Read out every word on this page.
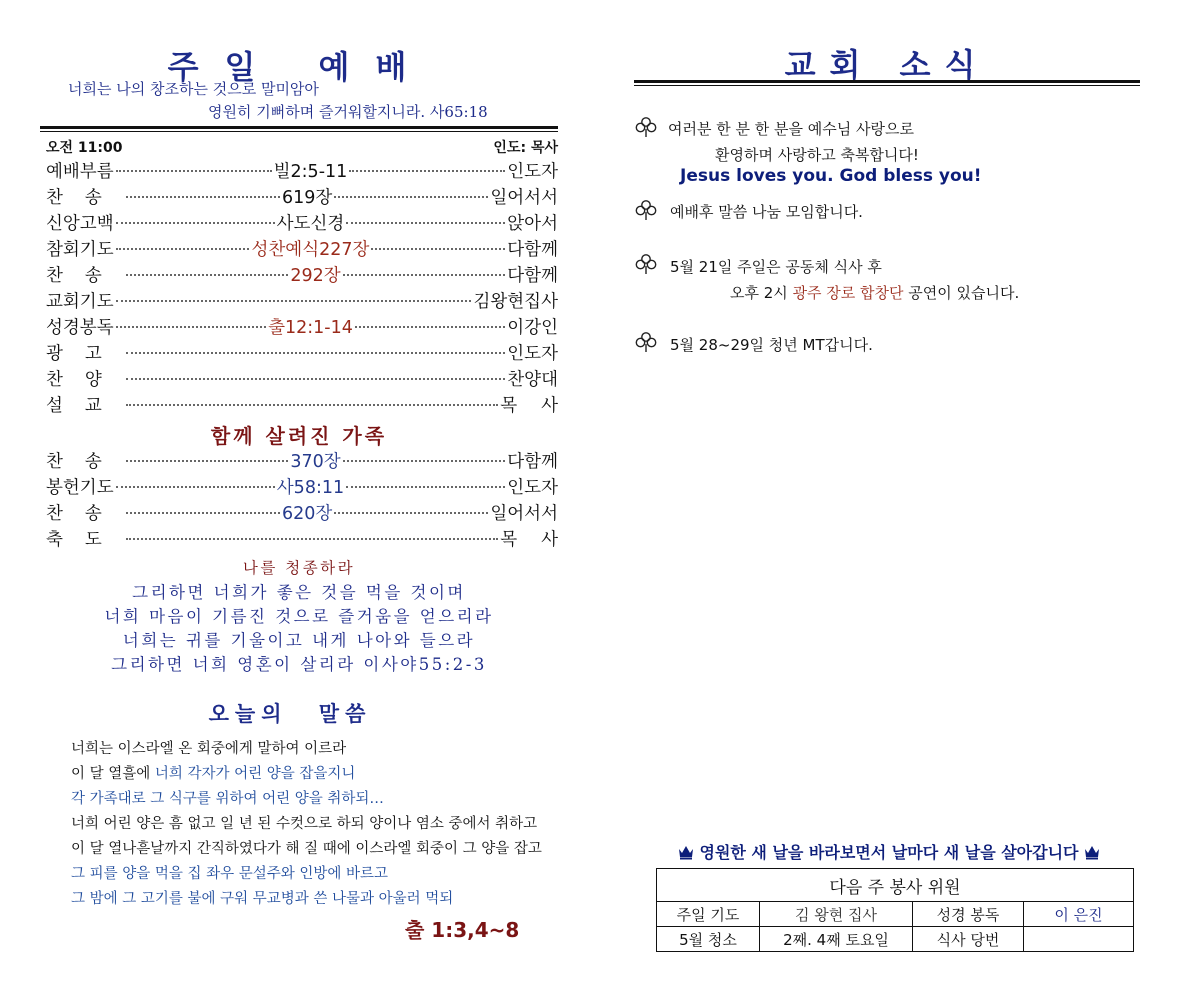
주일 예배
너희는 나의 창조하는 것으로 말미암아
영원히 기뻐하며 즐거워할지니라. 사65:18
오전 11:00	인도: 목사
예배부름	빌2:5-11	인도자
찬송	619장	일어서서
신앙고백	사도신경	앉아서
참회기도	성찬예식227장	다함께
찬송	292장	다함께
교회기도	김왕현집사
성경봉독	출12:1-14	이강인
광고	인도자
찬양	찬양대
설교	목사
함께 살려진 가족
찬송	370장	다함께
봉헌기도	사58:11	인도자
찬송	620장	일어서서
축도	목사
나를 청종하라
그리하면 너희가 좋은 것을 먹을 것이며
너희 마음이 기름진 것으로 즐거움을 얻으리라
너희는 귀를 기울이고 내게 나아와 들으라
그리하면 너희 영혼이 살리라 이사야55:2-3
오늘의 말씀
너희는 이스라엘 온 회중에게 말하여 이르라
이 달 열흘에 너희 각자가 어린 양을 잡을지니
각 가족대로 그 식구를 위하여 어린 양을 취하되…
너희 어린 양은 흠 없고 일 년 된 수컷으로 하되 양이나 염소 중에서 취하고
이 달 열나흗날까지 간직하였다가 해 질 때에 이스라엘 회중이 그 양을 잡고
그 피를 양을 먹을 집 좌우 문설주와 인방에 바르고
그 밤에 그 고기를 불에 구워 무교병과 쓴 나물과 아울러 먹되
출 1:3,4~8
교회 소식
여러분 한 분 한 분을 예수님 사랑으로
환영하며 사랑하고 축복합니다!
Jesus loves you. God bless you!
예배후 말씀 나눔 모임합니다.
5월 21일 주일은 공동체 식사 후
오후 2시 광주 장로 합창단 공연이 있습니다.
5월 28~29일 청년 MT갑니다.
영원한 새 날을 바라보면서 날마다 새 날을 살아갑니다
다음 주 봉사 위원			
주일 기도	김 왕현 집사	성경 봉독	이 은진
5월 청소	2째. 4째 토요일	식사 당번	
